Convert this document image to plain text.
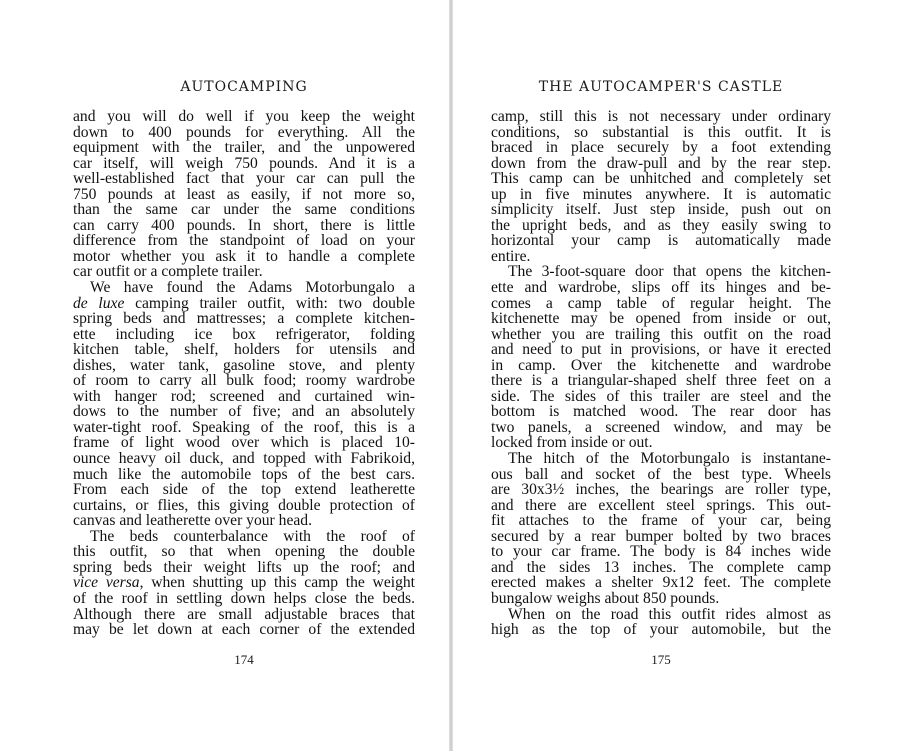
AUTOCAMPING
and you will do well if you keep the weight
down to 400 pounds for everything. All the
equipment with the trailer, and the unpowered
car itself, will weigh 750 pounds. And it is a
well-established fact that your car can pull the
750 pounds at least as easily, if not more so,
than the same car under the same conditions
can carry 400 pounds. In short, there is little
difference from the standpoint of load on your
motor whether you ask it to handle a complete
car outfit or a complete trailer.
We have found the Adams Motorbungalo a
de luxe camping trailer outfit, with: two double
spring beds and mattresses; a complete kitchen-
ette including ice box refrigerator, folding
kitchen table, shelf, holders for utensils and
dishes, water tank, gasoline stove, and plenty
of room to carry all bulk food; roomy wardrobe
with hanger rod; screened and curtained win-
dows to the number of five; and an absolutely
water-tight roof. Speaking of the roof, this is a
frame of light wood over which is placed 10-
ounce heavy oil duck, and topped with Fabrikoid,
much like the automobile tops of the best cars.
From each side of the top extend leatherette
curtains, or flies, this giving double protection of
canvas and leatherette over your head.
The beds counterbalance with the roof of
this outfit, so that when opening the double
spring beds their weight lifts up the roof; and
vice versa, when shutting up this camp the weight
of the roof in settling down helps close the beds.
Although there are small adjustable braces that
may be let down at each corner of the extended
174
THE AUTOCAMPER'S CASTLE
camp, still this is not necessary under ordinary
conditions, so substantial is this outfit. It is
braced in place securely by a foot extending
down from the draw-pull and by the rear step.
This camp can be unhitched and completely set
up in five minutes anywhere. It is automatic
simplicity itself. Just step inside, push out on
the upright beds, and as they easily swing to
horizontal your camp is automatically made
entire.
The 3-foot-square door that opens the kitchen-
ette and wardrobe, slips off its hinges and be-
comes a camp table of regular height. The
kitchenette may be opened from inside or out,
whether you are trailing this outfit on the road
and need to put in provisions, or have it erected
in camp. Over the kitchenette and wardrobe
there is a triangular-shaped shelf three feet on a
side. The sides of this trailer are steel and the
bottom is matched wood. The rear door has
two panels, a screened window, and may be
locked from inside or out.
The hitch of the Motorbungalo is instantane-
ous ball and socket of the best type. Wheels
are 30x3½ inches, the bearings are roller type,
and there are excellent steel springs. This out-
fit attaches to the frame of your car, being
secured by a rear bumper bolted by two braces
to your car frame. The body is 84 inches wide
and the sides 13 inches. The complete camp
erected makes a shelter 9x12 feet. The complete
bungalow weighs about 850 pounds.
When on the road this outfit rides almost as
high as the top of your automobile, but the
175
